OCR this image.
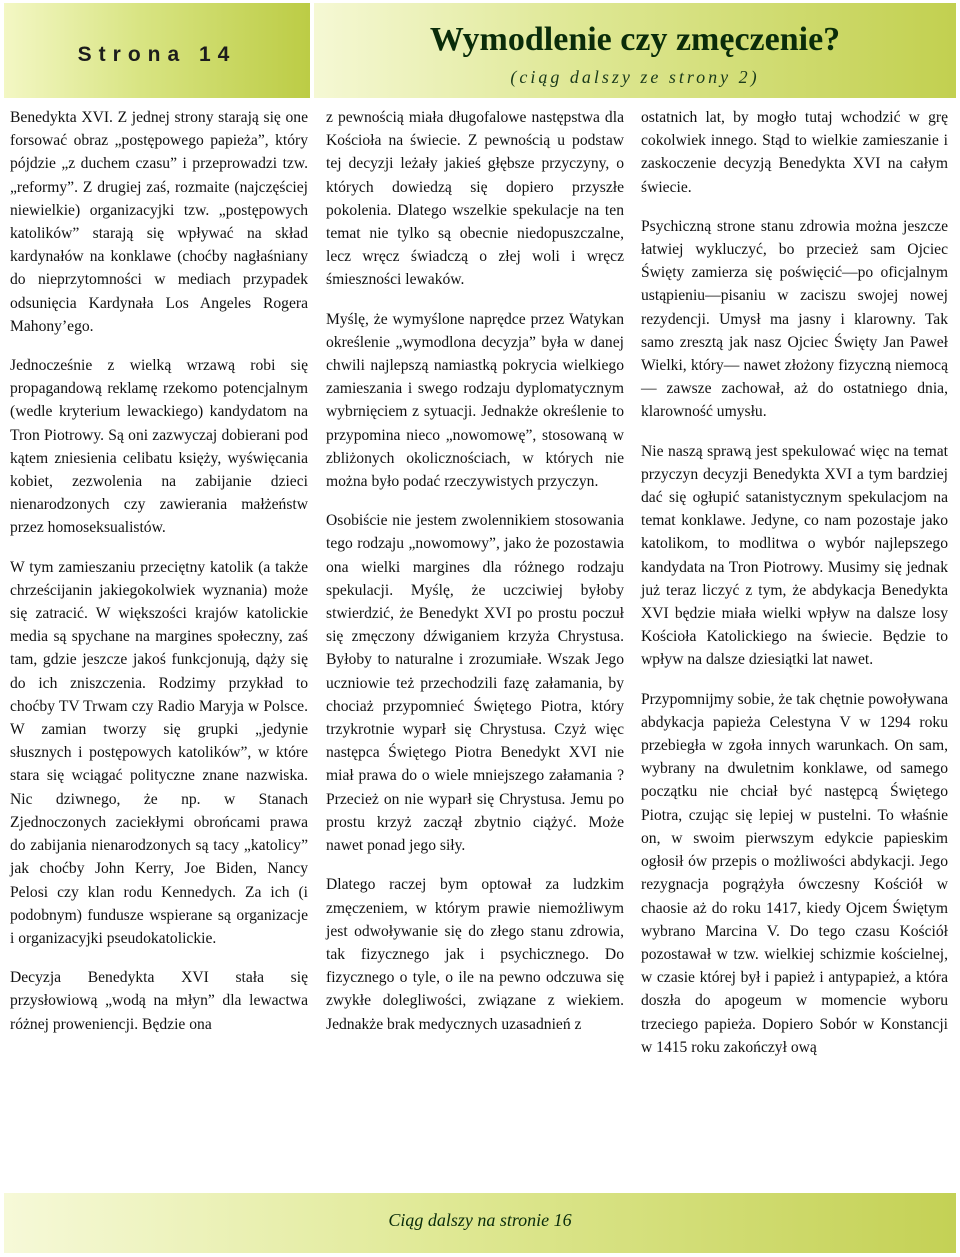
Strona 14	Wymodlenie czy zmęczenie?
(ciąg dalszy ze strony 2)

Benedykta XVI. Z jednej strony starają się one forsować obraz „postępowego papieża”, który pójdzie „z duchem czasu” i przeprowadzi tzw. „reformy”. Z drugiej zaś, rozmaite (najczęściej niewielkie) organizacyjki tzw. „postępowych katolików” starają się wpływać na skład kardynałów na konklawe (choćby nagłaśniany do nieprzytomności w mediach przypadek odsunięcia Kardynała Los Angeles Rogera Mahony’ego.

Jednocześnie z wielką wrzawą robi się propagandową reklamę rzekomo potencjalnym (wedle kryterium lewackiego) kandydatom na Tron Piotrowy. Są oni zazwyczaj dobierani pod kątem zniesienia celibatu księży, wyświęcania kobiet, zezwolenia na zabijanie dzieci nienarodzonych czy zawierania małżeństw przez homoseksualistów.

W tym zamieszaniu przeciętny katolik (a także chrześcijanin jakiegokolwiek wyznania) może się zatracić. W większości krajów katolickie media są spychane na margines społeczny, zaś tam, gdzie jeszcze jakoś funkcjonują, dąży się do ich zniszczenia. Rodzimy przykład to choćby TV Trwam czy Radio Maryja w Polsce. W zamian tworzy się grupki „jedynie słusznych i postępowych katolików”, w które stara się wciągać polityczne znane nazwiska. Nic dziwnego, że np. w Stanach Zjednoczonych zaciekłymi obrońcami prawa do zabijania nienarodzonych są tacy „katolicy” jak choćby John Kerry, Joe Biden, Nancy Pelosi czy klan rodu Kennedych. Za ich (i podobnym) fundusze wspierane są organizacje i organizacyjki pseudokatolickie.

Decyzja Benedykta XVI stała się przysłowiową „wodą na młyn” dla lewactwa różnej proweniencji. Będzie ona

z pewnością miała długofalowe następstwa dla Kościoła na świecie. Z pewnością u podstaw tej decyzji leżały jakieś głębsze przyczyny, o których dowiedzą się dopiero przyszłe pokolenia. Dlatego wszelkie spekulacje na ten temat nie tylko są obecnie niedopuszczalne, lecz wręcz świadczą o złej woli i wręcz śmieszności lewaków.

Myślę, że wymyślone naprędce przez Watykan określenie „wymodlona decyzja” była w danej chwili najlepszą namiastką pokrycia wielkiego zamieszania i swego rodzaju dyplomatycznym wybrnięciem z sytuacji. Jednakże określenie to przypomina nieco „nowomowę”, stosowaną w zbliżonych okolicznościach, w których nie można było podać rzeczywistych przyczyn.

Osobiście nie jestem zwolennikiem stosowania tego rodzaju „nowomowy”, jako że pozostawia ona wielki margines dla różnego rodzaju spekulacji. Myślę, że uczciwiej byłoby stwierdzić, że Benedykt XVI po prostu poczuł się zmęczony dźwiganiem krzyża Chrystusa. Byłoby to naturalne i zrozumiałe. Wszak Jego uczniowie też przechodzili fazę załamania, by chociaż przypomnieć Świętego Piotra, który trzykrotnie wyparł się Chrystusa. Czyż więc następca Świętego Piotra Benedykt XVI nie miał prawa do o wiele mniejszego załamania ? Przecież on nie wyparł się Chrystusa. Jemu po prostu krzyż zaczął zbytnio ciążyć. Może nawet ponad jego siły.

Dlatego raczej bym optował za ludzkim zmęczeniem, w którym prawie niemożliwym jest odwoływanie się do złego stanu zdrowia, tak fizycznego jak i psychicznego. Do fizycznego o tyle, o ile na pewno odczuwa się zwykłe dolegliwości, związane z wiekiem. Jednakże brak medycznych uzasadnień z

ostatnich lat, by mogło tutaj wchodzić w grę cokolwiek innego. Stąd to wielkie zamieszanie i zaskoczenie decyzją Benedykta XVI na całym świecie.

Psychiczną strone stanu zdrowia można jeszcze łatwiej wykluczyć, bo przecież sam Ojciec Święty zamierza się poświęcić—po oficjalnym ustąpieniu—pisaniu w zaciszu swojej nowej rezydencji. Umysł ma jasny i klarowny. Tak samo zresztą jak nasz Ojciec Święty Jan Paweł Wielki, który— nawet złożony fizyczną niemocą— zawsze zachował, aż do ostatniego dnia, klarowność umysłu.

Nie naszą sprawą jest spekulować więc na temat przyczyn decyzji Benedykta XVI a tym bardziej dać się ogłupić satanistycznym spekulacjom na temat konklawe. Jedyne, co nam pozostaje jako katolikom, to modlitwa o wybór najlepszego kandydata na Tron Piotrowy. Musimy się jednak już teraz liczyć z tym, że abdykacja Benedykta XVI będzie miała wielki wpływ na dalsze losy Kościoła Katolickiego na świecie. Będzie to wpływ na dalsze dziesiątki lat nawet.

Przypomnijmy sobie, że tak chętnie powoływana abdykacja papieża Celestyna V w 1294 roku przebiegła w zgoła innych warunkach. On sam, wybrany na dwuletnim konklawe, od samego początku nie chciał być następcą Świętego Piotra, czując się lepiej w pustelni. To właśnie on, w swoim pierwszym edykcie papieskim ogłosił ów przepis o możliwości abdykacji. Jego rezygnacja pogrążyła ówczesny Kościół w chaosie aż do roku 1417, kiedy Ojcem Świętym wybrano Marcina V. Do tego czasu Kościół pozostawał w tzw. wielkiej schizmie kościelnej, w czasie której był i papież i antypapież, a która doszła do apogeum w momencie wyboru trzeciego papieża. Dopiero Sobór w Konstancji w 1415 roku zakończył ową

Ciąg dalszy na stronie 16
